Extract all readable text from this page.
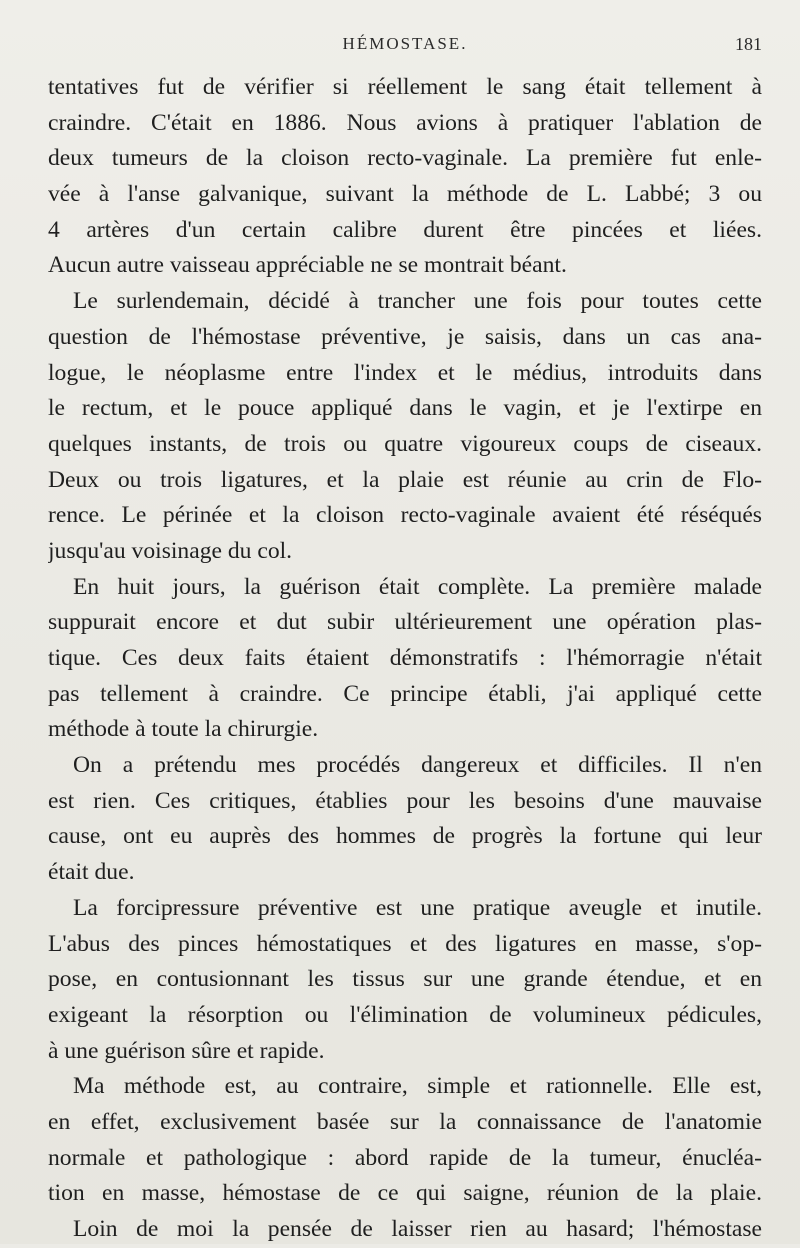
HÉMOSTASE.	181
tentatives fut de vérifier si réellement le sang était tellement à
craindre. C'était en 1886. Nous avions à pratiquer l'ablation de
deux tumeurs de la cloison recto-vaginale. La première fut enle-
vée à l'anse galvanique, suivant la méthode de L. Labbé; 3 ou
4 artères d'un certain calibre durent être pincées et liées.
Aucun autre vaisseau appréciable ne se montrait béant.
Le surlendemain, décidé à trancher une fois pour toutes cette
question de l'hémostase préventive, je saisis, dans un cas ana-
logue, le néoplasme entre l'index et le médius, introduits dans
le rectum, et le pouce appliqué dans le vagin, et je l'extirpe en
quelques instants, de trois ou quatre vigoureux coups de ciseaux.
Deux ou trois ligatures, et la plaie est réunie au crin de Flo-
rence. Le périnée et la cloison recto-vaginale avaient été réséqués
jusqu'au voisinage du col.
En huit jours, la guérison était complète. La première malade
suppurait encore et dut subir ultérieurement une opération plas-
tique. Ces deux faits étaient démonstratifs : l'hémorragie n'était
pas tellement à craindre. Ce principe établi, j'ai appliqué cette
méthode à toute la chirurgie.
On a prétendu mes procédés dangereux et difficiles. Il n'en
est rien. Ces critiques, établies pour les besoins d'une mauvaise
cause, ont eu auprès des hommes de progrès la fortune qui leur
était due.
La forcipressure préventive est une pratique aveugle et inutile.
L'abus des pinces hémostatiques et des ligatures en masse, s'op-
pose, en contusionnant les tissus sur une grande étendue, et en
exigeant la résorption ou l'élimination de volumineux pédicules,
à une guérison sûre et rapide.
Ma méthode est, au contraire, simple et rationnelle. Elle est,
en effet, exclusivement basée sur la connaissance de l'anatomie
normale et pathologique : abord rapide de la tumeur, énucléa-
tion en masse, hémostase de ce qui saigne, réunion de la plaie.
Loin de moi la pensée de laisser rien au hasard; l'hémostase
